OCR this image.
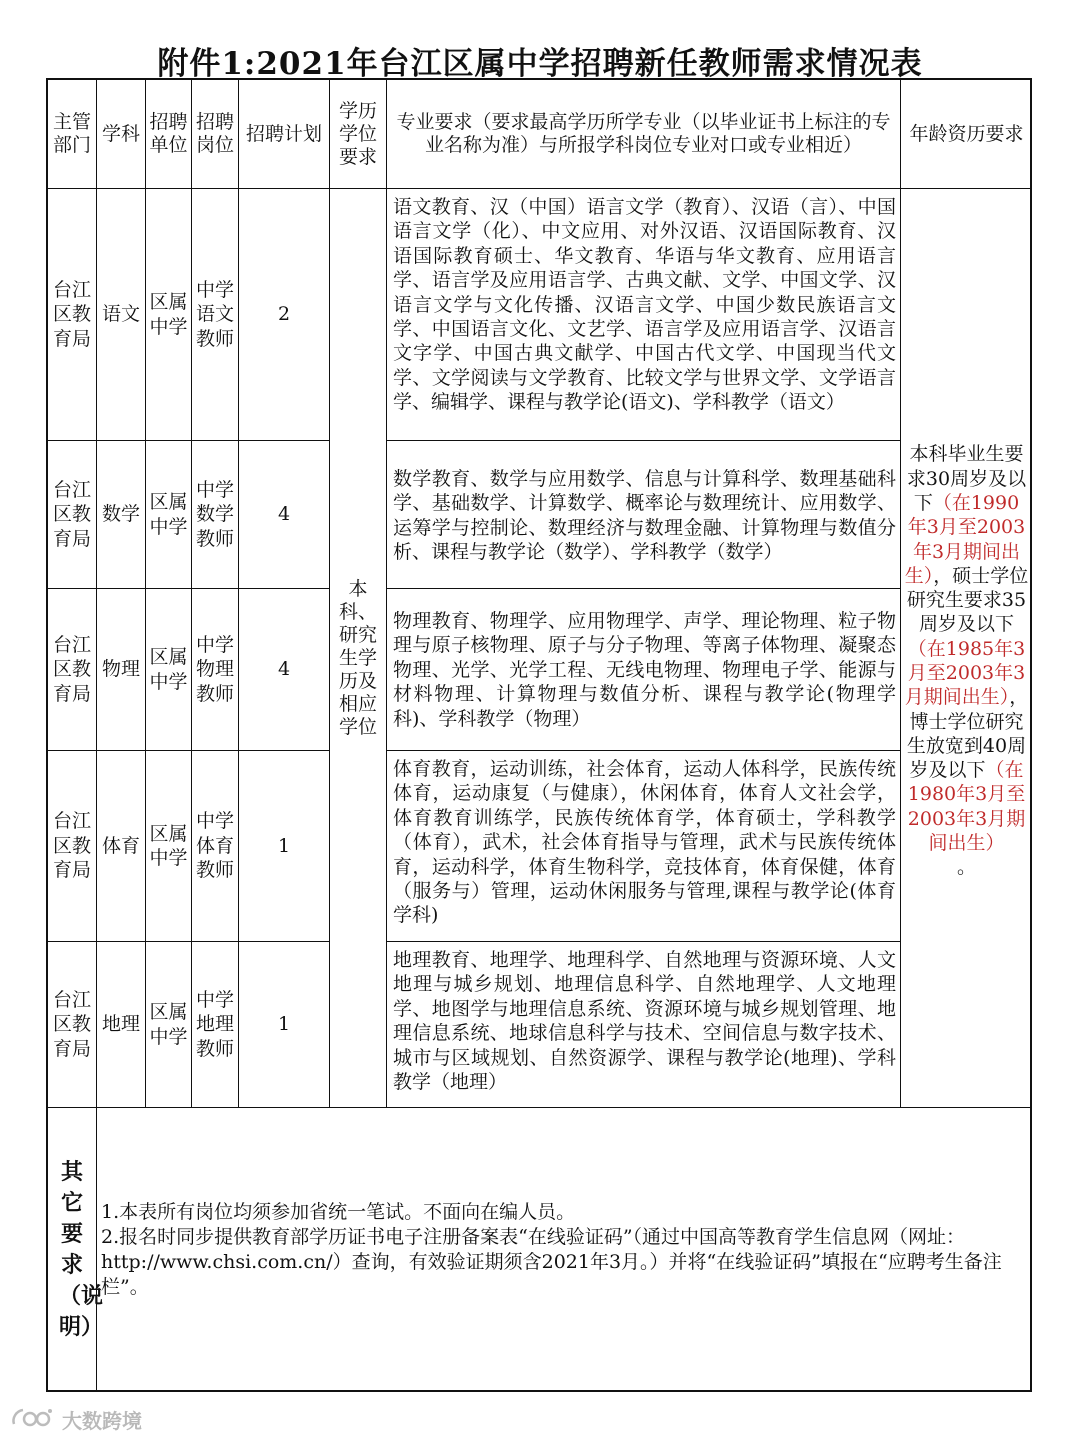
附件1:2021年台江区属中学招聘新任教师需求情况表
主管部门
学科
招聘单位
招聘岗位
招聘计划
学历学位要求
专业要求（要求最高学历所学专业（以毕业证书上标注的专业名称为准）与所报学科岗位专业对口或专业相近）
年龄资历要求
台江区教育局
语文
区属中学
中学语文教师
2
语文教育、汉（中国）语言文学（教育）、汉语（言）、中国语言文学（化）、中文应用、对外汉语、汉语国际教育、汉语国际教育硕士、华文教育、华语与华文教育、应用语言学、语言学及应用语言学、古典文献、文学、中国文学、汉语言文学与文化传播、汉语言文学、中国少数民族语言文学、中国语言文化、文艺学、语言学及应用语言学、汉语言文字学、中国古典文献学、中国古代文学、中国现当代文学、文学阅读与文学教育、比较文学与世界文学、文学语言学、编辑学、课程与教学论(语文)、学科教学（语文）
台江区教育局
数学
区属中学
中学数学教师
4
数学教育、数学与应用数学、信息与计算科学、数理基础科学、基础数学、计算数学、概率论与数理统计、应用数学、运筹学与控制论、数理经济与数理金融、计算物理与数值分析、课程与教学论（数学）、学科教学（数学）
台江区教育局
物理
区属中学
中学物理教师
4
物理教育、物理学、应用物理学、声学、理论物理、粒子物理与原子核物理、原子与分子物理、等离子体物理、凝聚态物理、光学、光学工程、无线电物理、物理电子学、能源与材料物理、计算物理与数值分析、课程与教学论(物理学科)、学科教学（物理）
台江区教育局
体育
区属中学
中学体育教师
1
体育教育，运动训练，社会体育，运动人体科学，民族传统体育，运动康复（与健康），休闲体育，体育人文社会学，体育教育训练学，民族传统体育学，体育硕士，学科教学（体育），武术，社会体育指导与管理，武术与民族传统体育，运动科学，体育生物科学，竞技体育，体育保健，体育（服务与）管理，运动休闲服务与管理,课程与教学论(体育学科)
台江区教育局
地理
区属中学
中学地理教师
1
地理教育、地理学、地理科学、自然地理与资源环境、人文地理与城乡规划、地理信息科学、自然地理学、人文地理学、地图学与地理信息系统、资源环境与城乡规划管理、地理信息系统、地球信息科学与技术、空间信息与数字技术、城市与区域规划、自然资源学、课程与教学论(地理)、学科教学（地理）
本科、研究生学历及相应学位
本科毕业生要求30周岁及以下（在1990年3月至2003年3月期间出生），硕士学位研究生要求35周岁及以下（在1985年3月至2003年3月期间出生），博士学位研究生放宽到40周岁及以下（在1980年3月至2003年3月期间出生）
。
其它要求（说明）

1.本表所有岗位均须参加省统一笔试。不面向在编人员。

2.报名时同步提供教育部学历证书电子注册备案表“在线验证码”（通过中国高等教育学生信息网（网址：http://www.chsi.com.cn/）查询，有效验证期须含2021年3月。）并将“在线验证码”填报在“应聘考生备注栏”。

大数跨境
